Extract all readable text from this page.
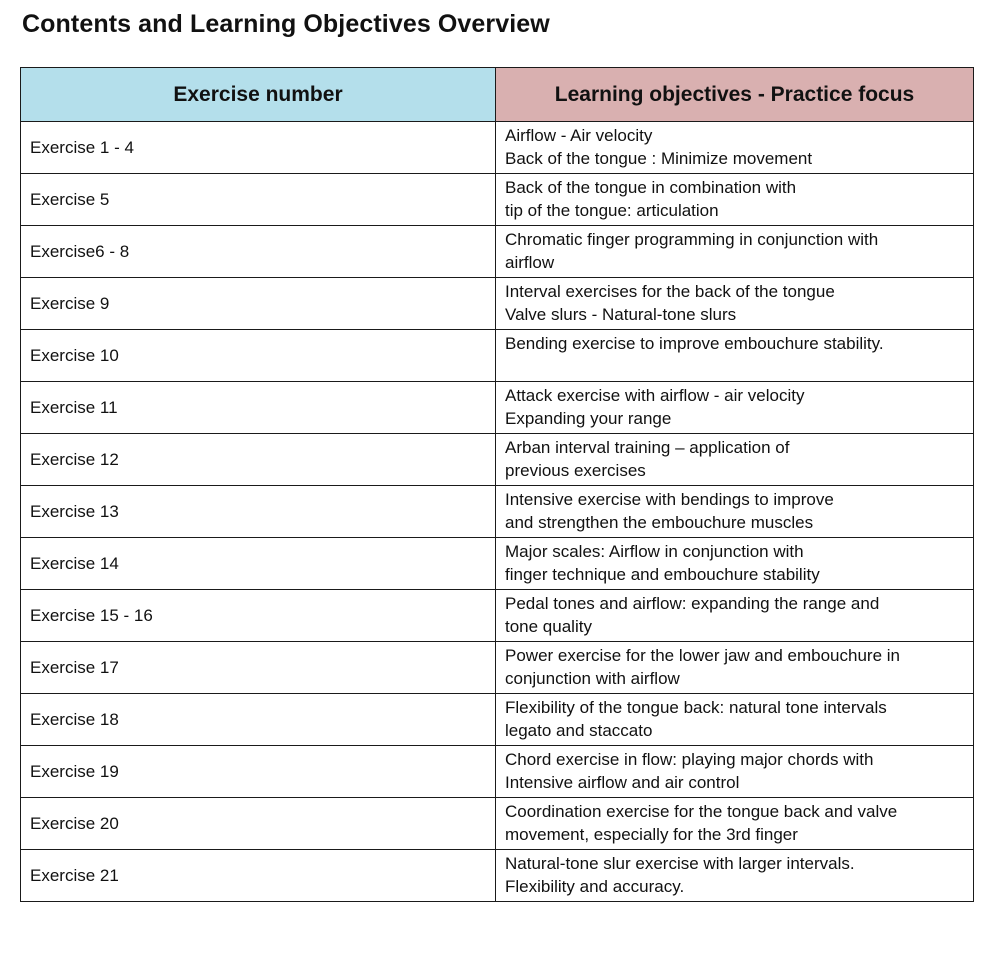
Contents and Learning Objectives Overview
Exercise number	Learning objectives - Practice focus
Exercise 1 - 4	Airflow - Air velocity
Back of the tongue : Minimize movement

Exercise 5	Back of the tongue in combination with
tip of the tongue: articulation

Exercise6 - 8	Chromatic finger programming in conjunction with
airflow

Exercise 9	Interval exercises for the back of the tongue
Valve slurs - Natural-tone slurs

Exercise 10	Bending exercise to improve embouchure stability.

Exercise 11	Attack exercise with airflow - air velocity
Expanding your range

Exercise 12	Arban interval training – application of
previous exercises

Exercise 13	Intensive exercise with bendings to improve
and strengthen the embouchure muscles

Exercise 14	Major scales: Airflow in conjunction with
finger technique and embouchure stability

Exercise 15 - 16	Pedal tones and airflow: expanding the range and
tone quality

Exercise 17	Power exercise for the lower jaw and embouchure in
conjunction with airflow

Exercise 18	Flexibility of the tongue back: natural tone intervals
legato and staccato

Exercise 19	Chord exercise in flow: playing major chords with
Intensive airflow and air control

Exercise 20	Coordination exercise for the tongue back and valve
movement, especially for the 3rd finger

Exercise 21	Natural-tone slur exercise with larger intervals.
Flexibility and accuracy.
